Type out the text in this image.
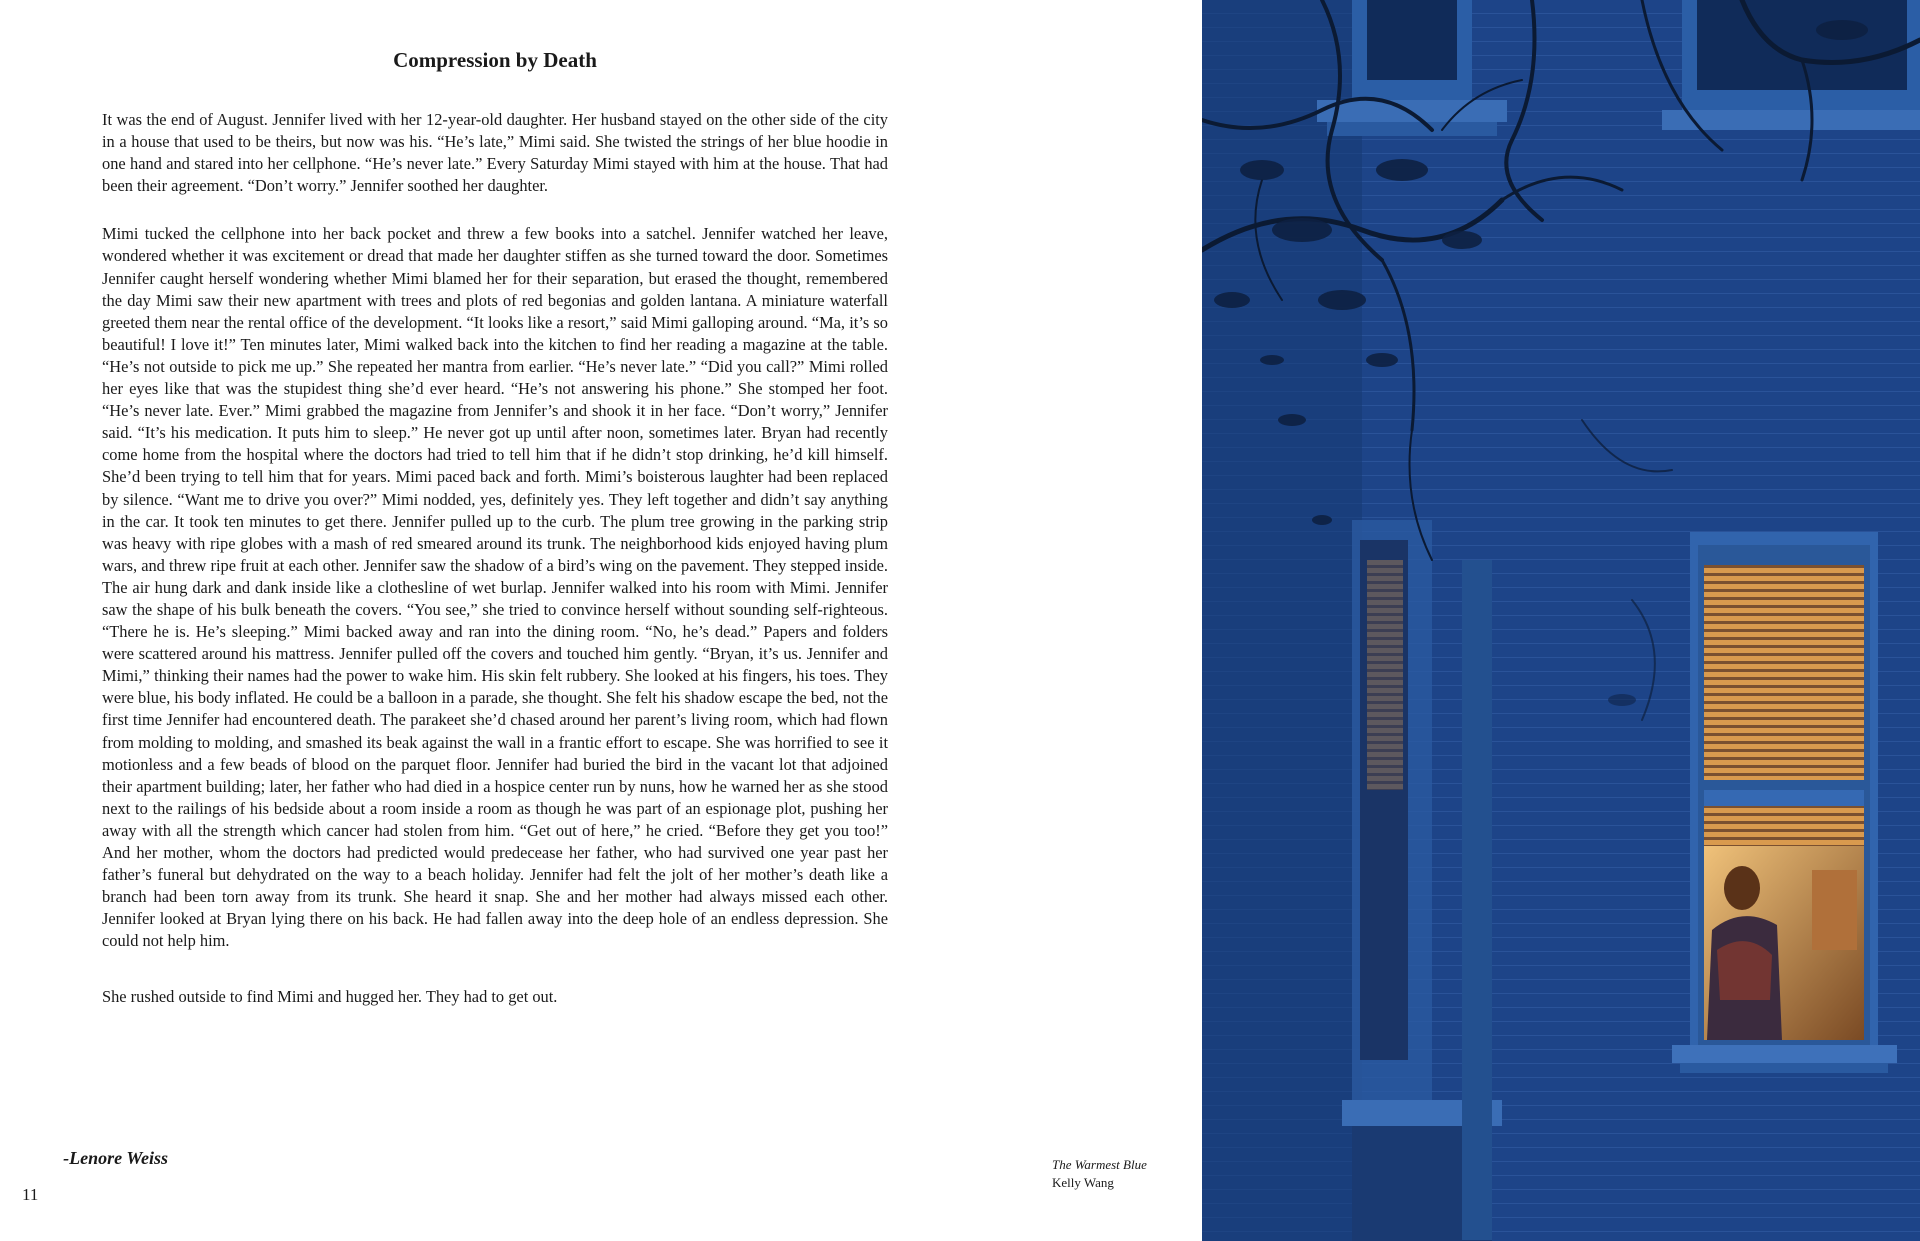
Compression by Death

It was the end of August. Jennifer lived with her 12-year-old daughter. Her husband stayed on the other side of the city in a house that used to be theirs, but now was his. “He’s late,” Mimi said. She twisted the strings of her blue hoodie in one hand and stared into her cellphone. “He’s never late.” Every Saturday Mimi stayed with him at the house. That had been their agreement. “Don’t worry.” Jennifer soothed her daughter.

Mimi tucked the cellphone into her back pocket and threw a few books into a satchel. Jennifer watched her leave, wondered whether it was excitement or dread that made her daughter stiffen as she turned toward the door. Sometimes Jennifer caught herself wondering whether Mimi blamed her for their separation, but erased the thought, remembered the day Mimi saw their new apartment with trees and plots of red begonias and golden lantana. A miniature waterfall greeted them near the rental office of the development. “It looks like a resort,” said Mimi galloping around. “Ma, it’s so beautiful! I love it!” Ten minutes later, Mimi walked back into the kitchen to find her reading a magazine at the table. “He’s not outside to pick me up.” She repeated her mantra from earlier. “He’s never late.” “Did you call?” Mimi rolled her eyes like that was the stupidest thing she’d ever heard. “He’s not answering his phone.” She stomped her foot. “He’s never late. Ever.” Mimi grabbed the magazine from Jennifer’s and shook it in her face. “Don’t worry,” Jennifer said. “It’s his medication. It puts him to sleep.” He never got up until after noon, sometimes later. Bryan had recently come home from the hospital where the doctors had tried to tell him that if he didn’t stop drinking, he’d kill himself. She’d been trying to tell him that for years. Mimi paced back and forth. Mimi’s boisterous laughter had been replaced by silence. “Want me to drive you over?” Mimi nodded, yes, definitely yes. They left together and didn’t say anything in the car. It took ten minutes to get there. Jennifer pulled up to the curb. The plum tree growing in the parking strip was heavy with ripe globes with a mash of red smeared around its trunk. The neighborhood kids enjoyed having plum wars, and threw ripe fruit at each other. Jennifer saw the shadow of a bird’s wing on the pavement. They stepped inside. The air hung dark and dank inside like a clothesline of wet burlap. Jennifer walked into his room with Mimi. Jennifer saw the shape of his bulk beneath the covers. “You see,” she tried to convince herself without sounding self-righteous. “There he is. He’s sleeping.” Mimi backed away and ran into the dining room. “No, he’s dead.” Papers and folders were scattered around his mattress. Jennifer pulled off the covers and touched him gently. “Bryan, it’s us. Jennifer and Mimi,” thinking their names had the power to wake him. His skin felt rubbery. She looked at his fingers, his toes. They were blue, his body inflated. He could be a balloon in a parade, she thought. She felt his shadow escape the bed, not the first time Jennifer had encountered death. The parakeet she’d chased around her parent’s living room, which had flown from molding to molding, and smashed its beak against the wall in a frantic effort to escape. She was horrified to see it motionless and a few beads of blood on the parquet floor. Jennifer had buried the bird in the vacant lot that adjoined their apartment building; later, her father who had died in a hospice center run by nuns, how he warned her as she stood next to the railings of his bedside about a room inside a room as though he was part of an espionage plot, pushing her away with all the strength which cancer had stolen from him. “Get out of here,” he cried. “Before they get you too!” And her mother, whom the doctors had predicted would predecease her father, who had survived one year past her father’s funeral but dehydrated on the way to a beach holiday. Jennifer had felt the jolt of her mother’s death like a branch had been torn away from its trunk. She heard it snap. She and her mother had always missed each other. Jennifer looked at Bryan lying there on his back. He had fallen away into the deep hole of an endless depression. She could not help him.

She rushed outside to find Mimi and hugged her. They had to get out.

-Lenore Weiss
11
The Warmest Blue
Kelly Wang
